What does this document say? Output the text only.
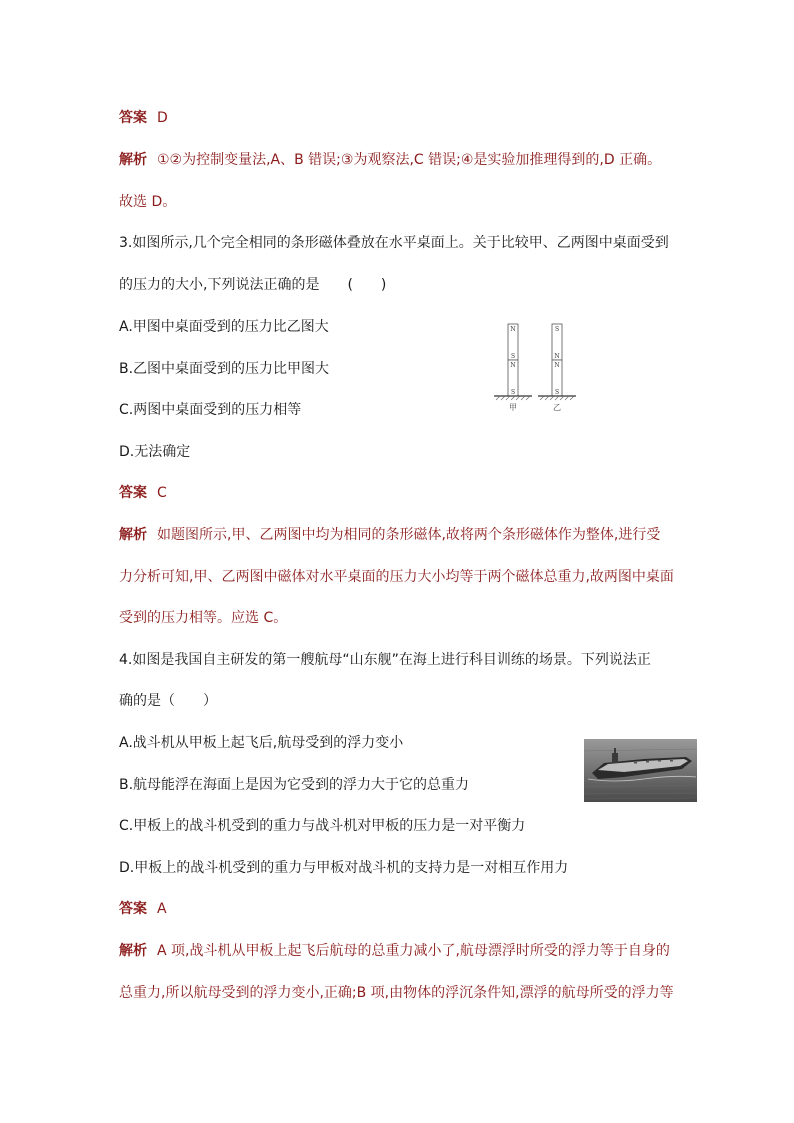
答案 D
解析 ①②为控制变量法,A、B 错误;③为观察法,C 错误;④是实验加推理得到的,D 正确。
故选 D。
3.如图所示,几个完全相同的条形磁体叠放在水平桌面上。关于比较甲、乙两图中桌面受到
的压力的大小,下列说法正确的是　　(　　)
A.甲图中桌面受到的压力比乙图大
B.乙图中桌面受到的压力比甲图大
C.两图中桌面受到的压力相等
D.无法确定
N
S
N
S
S
N
N
S
甲	乙
答案 C
解析 如题图所示,甲、乙两图中均为相同的条形磁体,故将两个条形磁体作为整体,进行受
力分析可知,甲、乙两图中磁体对水平桌面的压力大小均等于两个磁体总重力,故两图中桌面
受到的压力相等。应选 C。
4.如图是我国自主研发的第一艘航母“山东舰”在海上进行科目训练的场景。下列说法正
确的是（　　）
A.战斗机从甲板上起飞后,航母受到的浮力变小
B.航母能浮在海面上是因为它受到的浮力大于它的总重力
C.甲板上的战斗机受到的重力与战斗机对甲板的压力是一对平衡力
D.甲板上的战斗机受到的重力与甲板对战斗机的支持力是一对相互作用力
答案 A
解析 A 项,战斗机从甲板上起飞后航母的总重力减小了,航母漂浮时所受的浮力等于自身的
总重力,所以航母受到的浮力变小,正确;B 项,由物体的浮沉条件知,漂浮的航母所受的浮力等
